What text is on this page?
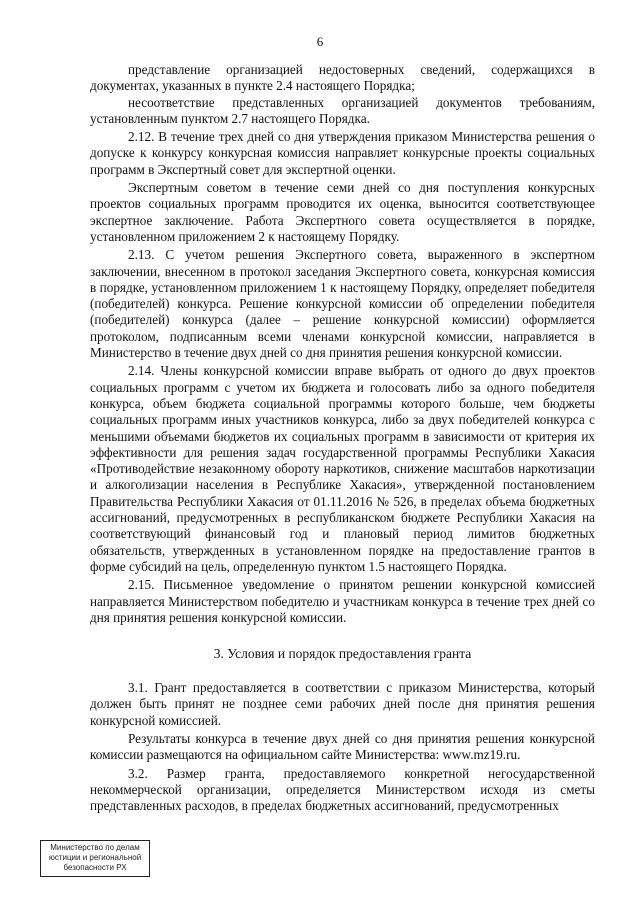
6

представление организацией недостоверных сведений, содержащихся в документах, указанных в пункте 2.4 настоящего Порядка;

несоответствие представленных организацией документов требованиям, установленным пунктом 2.7 настоящего Порядка.

2.12. В течение трех дней со дня утверждения приказом Министерства решения о допуске к конкурсу конкурсная комиссия направляет конкурсные проекты социальных программ в Экспертный совет для экспертной оценки.

Экспертным советом в течение семи дней со дня поступления конкурсных проектов социальных программ проводится их оценка, выносится соответствующее экспертное заключение. Работа Экспертного совета осуществляется в порядке, установленном приложением 2 к настоящему Порядку.

2.13. С учетом решения Экспертного совета, выраженного в экспертном заключении, внесенном в протокол заседания Экспертного совета, конкурсная комиссия в порядке, установленном приложением 1 к настоящему Порядку, определяет победителя (победителей) конкурса. Решение конкурсной комиссии об определении победителя (победителей) конкурса (далее – решение конкурсной комиссии) оформляется протоколом, подписанным всеми членами конкурсной комиссии, направляется в Министерство в течение двух дней со дня принятия решения конкурсной комиссии.

2.14. Члены конкурсной комиссии вправе выбрать от одного до двух проектов социальных программ с учетом их бюджета и голосовать либо за одного победителя конкурса, объем бюджета социальной программы которого больше, чем бюджеты социальных программ иных участников конкурса, либо за двух победителей конкурса с меньшими объемами бюджетов их социальных программ в зависимости от критерия их эффективности для решения задач государственной программы Республики Хакасия «Противодействие незаконному обороту наркотиков, снижение масштабов наркотизации и алкоголизации населения в Республике Хакасия», утвержденной постановлением Правительства Республики Хакасия от 01.11.2016 № 526, в пределах объема бюджетных ассигнований, предусмотренных в республиканском бюджете Республики Хакасия на соответствующий финансовый год и плановый период лимитов бюджетных обязательств, утвержденных в установленном порядке на предоставление грантов в форме субсидий на цель, определенную пунктом 1.5 настоящего Порядка.

2.15. Письменное уведомление о принятом решении конкурсной комиссией направляется Министерством победителю и участникам конкурса в течение трех дней со дня принятия решения конкурсной комиссии.

3. Условия и порядок предоставления гранта

3.1. Грант предоставляется в соответствии с приказом Министерства, который должен быть принят не позднее семи рабочих дней после дня принятия решения конкурсной комиссией.

Результаты конкурса в течение двух дней со дня принятия решения конкурсной комиссии размещаются на официальном сайте Министерства: www.mz19.ru.

3.2. Размер гранта, предоставляемого конкретной негосударственной некоммерческой организации, определяется Министерством исходя из сметы представленных расходов, в пределах бюджетных ассигнований, предусмотренных

Министерство по делам
юстиции и региональной
безопасности РХ
